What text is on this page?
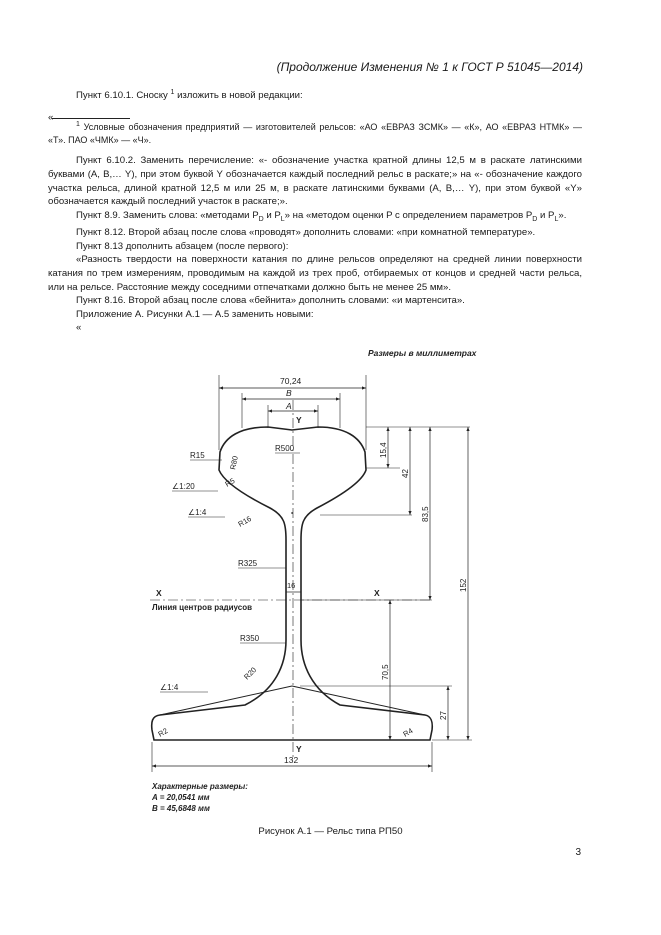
(Продолжение Изменения № 1 к ГОСТ Р 51045—2014)

Пункт 6.10.1. Сноску $^1$ изложить в новой редакции:

«

$^1$ Условные обозначения предприятий — изготовителей рельсов: «АО «ЕВРАЗ ЗСМК» — «К», АО «ЕВРАЗ НТМК» — «Т». ПАО «ЧМК» — «Ч».

Пункт 6.10.2. Заменить перечисление: «- обозначение участка кратной длины 12,5 м в раскате латинскими буквами (А, В,… Y), при этом буквой Y обозначается каждый последний рельс в раскате;» на «- обозначение каждого участка рельса, длиной кратной 12,5 м или 25 м, в раскате латинскими буквами (А, В,… Y), при этом буквой «Y» обозначается каждый последний участок в раскате;».

Пункт 8.9. Заменить слова: «методами $P_D$ и $P_L$» на «методом оценки P с определением параметров $P_D$ и $P_L$».

Пункт 8.12. Второй абзац после слова «проводят» дополнить словами: «при комнатной температуре».

Пункт 8.13 дополнить абзацем (после первого):

«Разность твердости на поверхности катания по длине рельсов определяют на средней линии поверхности катания по трем измерениям, проводимым на каждой из трех проб, отбираемых от концов и средней части рельса, или на рельсе. Расстояние между соседними отпечатками должно быть не менее 25 мм».

Пункт 8.16. Второй абзац после слова «бейнита» дополнить словами: «и мартенсита».

Приложение А. Рисунки А.1 — А.5 заменить новыми:

«

Размеры в миллиметрах
70,24
B
A
Y
R500
R80
R15
R5
∠1:20
∠1:4
R16
R325
16
X	X
Линия центров радиусов
R350
R20
∠1:4
R2	R4
15,4
42
83,5
152
70,5
27
132
Y
Характерные размеры:
A = 20,0541 мм
B = 45,6848 мм
Рисунок А.1 — Рельс типа РП50
3
